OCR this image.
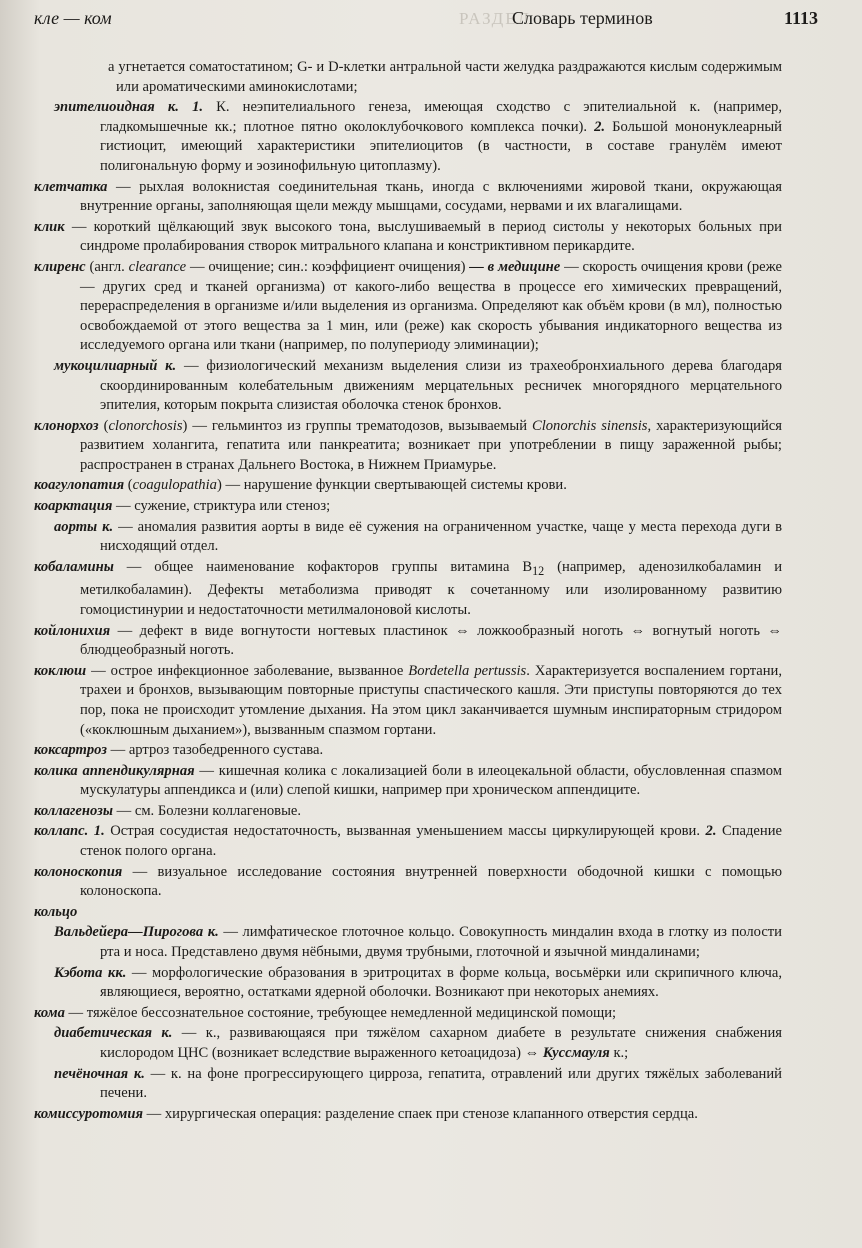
кле — ком	РАЗДЕЛ
Словарь терминов	1113

а угнетается соматостатином; G- и D-клетки антральной части желудка раздражаются кислым содержимым или ароматическими аминокислотами;

эпителиоидная к. 1. К. неэпителиального генеза, имеющая сходство с эпителиальной к. (например, гладкомышечные кк.; плотное пятно околоклубочкового комплекса почки). 2. Большой мононуклеарный гистиоцит, имеющий характеристики эпителиоцитов (в частности, в составе гранулём имеют полигональную форму и эозинофильную цитоплазму).

клетчатка — рыхлая волокнистая соединительная ткань, иногда с включениями жировой ткани, окружающая внутренние органы, заполняющая щели между мышцами, сосудами, нервами и их влагалищами.

клик — короткий щёлкающий звук высокого тона, выслушиваемый в период систолы у некоторых больных при синдроме пролабирования створок митрального клапана и констриктивном перикардите.

клиренс (англ. clearance — очищение; син.: коэффициент очищения) — в медицине — скорость очищения крови (реже — других сред и тканей организма) от какого-либо вещества в процессе его химических превращений, перераспределения в организме и/или выделения из организма. Определяют как объём крови (в мл), полностью освобождаемой от этого вещества за 1 мин, или (реже) как скорость убывания индикаторного вещества из исследуемого органа или ткани (например, по полупериоду элиминации);

мукоцилиарный к. — физиологический механизм выделения слизи из трахеобронхиального дерева благодаря скоординированным колебательным движениям мерцательных ресничек многорядного мерцательного эпителия, которым покрыта слизистая оболочка стенок бронхов.

клонорхоз (clonorchosis) — гельминтоз из группы трематодозов, вызываемый Clonorchis sinensis, характеризующийся развитием холангита, гепатита или панкреатита; возникает при употреблении в пищу зараженной рыбы; распространен в странах Дальнего Востока, в Нижнем Приамурье.

коагулопатия (coagulopathia) — нарушение функции свертывающей системы крови.

коарктация — сужение, стриктура или стеноз;

аорты к. — аномалия развития аорты в виде её сужения на ограниченном участке, чаще у места перехода дуги в нисходящий отдел.

кобаламины — общее наименование кофакторов группы витамина $B_{12}$ (например, аденозилкобаламин и метилкобаламин). Дефекты метаболизма приводят к сочетанному или изолированному развитию гомоцистинурии и недостаточности метилмалоновой кислоты.

койлонихия — дефект в виде вогнутости ногтевых пластинок ⇔ ложкообразный ноготь ⇔ вогнутый ноготь ⇔ блюдцеобразный ноготь.

коклюш — острое инфекционное заболевание, вызванное Bordetella pertussis. Характеризуется воспалением гортани, трахеи и бронхов, вызывающим повторные приступы спастического кашля. Эти приступы повторяются до тех пор, пока не происходит утомление дыхания. На этом цикл заканчивается шумным инспираторным стридором («коклюшным дыханием»), вызванным спазмом гортани.

коксартроз — артроз тазобедренного сустава.

колика аппендикулярная — кишечная колика с локализацией боли в илеоцекальной области, обусловленная спазмом мускулатуры аппендикса и (или) слепой кишки, например при хроническом аппендиците.

коллагенозы — см. Болезни коллагеновые.

коллапс. 1. Острая сосудистая недостаточность, вызванная уменьшением массы циркулирующей крови. 2. Спадение стенок полого органа.

колоноскопия — визуальное исследование состояния внутренней поверхности ободочной кишки с помощью колоноскопа.

кольцо

Вальдейера—Пирогова к. — лимфатическое глоточное кольцо. Совокупность миндалин входа в глотку из полости рта и носа. Представлено двумя нёбными, двумя трубными, глоточной и язычной миндалинами;

Кэбота кк. — морфологические образования в эритроцитах в форме кольца, восьмёрки или скрипичного ключа, являющиеся, вероятно, остатками ядерной оболочки. Возникают при некоторых анемиях.

кома — тяжёлое бессознательное состояние, требующее немедленной медицинской помощи;

диабетическая к. — к., развивающаяся при тяжёлом сахарном диабете в результате снижения снабжения кислородом ЦНС (возникает вследствие выраженного кетоацидоза) ⇔ Куссмауля к.;

печёночная к. — к. на фоне прогрессирующего цирроза, гепатита, отравлений или других тяжёлых заболеваний печени.

комиссуротомия — хирургическая операция: разделение спаек при стенозе клапанного отверстия сердца.
